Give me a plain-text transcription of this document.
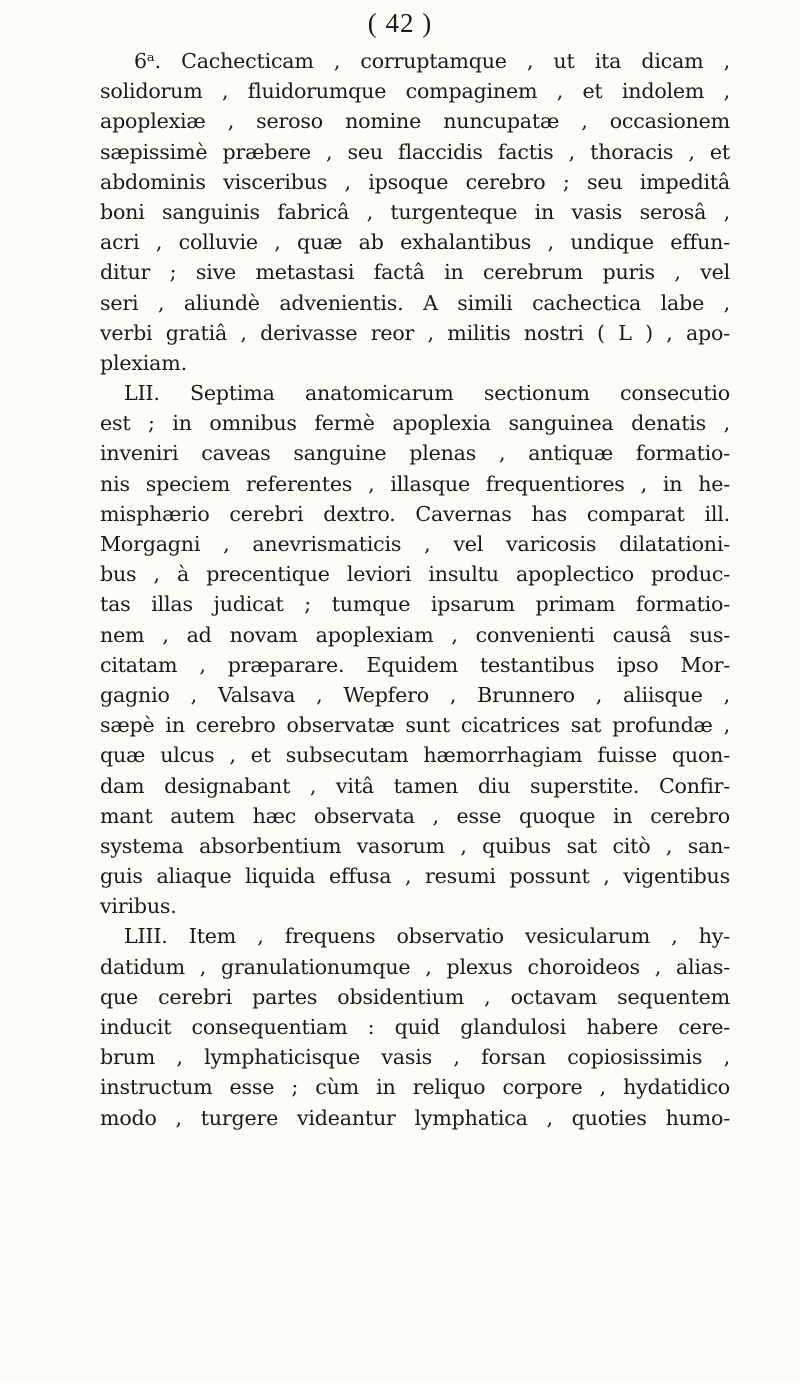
( 42 )
6ᵃ. Cachecticam , corruptamque , ut ita dicam ,
solidorum , fluidorumque compaginem , et indolem ,
apoplexiæ , seroso nomine nuncupatæ , occasionem
sæpissimè præbere , seu flaccidis factis , thoracis , et
abdominis visceribus , ipsoque cerebro ; seu impeditâ
boni sanguinis fabricâ , turgenteque in vasis serosâ ,
acri , colluvie , quæ ab exhalantibus , undique effun-
ditur ; sive metastasi factâ in cerebrum puris , vel
seri , aliundè advenientis. A simili cachectica labe ,
verbi gratiâ , derivasse reor , militis nostri ( L ) , apo-
plexiam.
LII. Septima anatomicarum sectionum consecutio
est ; in omnibus fermè apoplexia sanguinea denatis ,
inveniri caveas sanguine plenas , antiquæ formatio-
nis speciem referentes , illasque frequentiores , in he-
misphærio cerebri dextro. Cavernas has comparat ill.
Morgagni , anevrismaticis , vel varicosis dilatationi-
bus , à precentique leviori insultu apoplectico produc-
tas illas judicat ; tumque ipsarum primam formatio-
nem , ad novam apoplexiam , convenienti causâ sus-
citatam , præparare. Equidem testantibus ipso Mor-
gagnio , Valsava , Wepfero , Brunnero , aliisque ,
sæpè in cerebro observatæ sunt cicatrices sat profundæ ,
quæ ulcus , et subsecutam hæmorrhagiam fuisse quon-
dam designabant , vitâ tamen diu superstite. Confir-
mant autem hæc observata , esse quoque in cerebro
systema absorbentium vasorum , quibus sat citò , san-
guis aliaque liquida effusa , resumi possunt , vigentibus
viribus.
LIII. Item , frequens observatio vesicularum , hy-
datidum , granulationumque , plexus choroideos , alias-
que cerebri partes obsidentium , octavam sequentem
inducit consequentiam : quid glandulosi habere cere-
brum , lymphaticisque vasis , forsan copiosissimis ,
instructum esse ; cùm in reliquo corpore , hydatidico
modo , turgere videantur lymphatica , quoties humo-
